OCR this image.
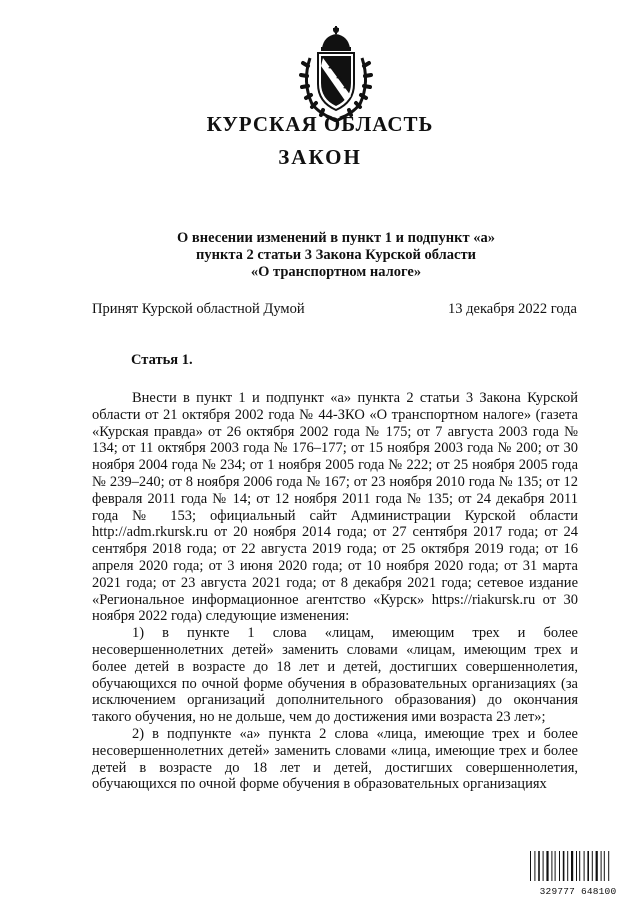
КУРСКАЯ ОБЛАСТЬ
ЗАКОН
О внесении изменений в пункт 1 и подпункт «а»
пункта 2 статьи 3 Закона Курской области
«О транспортном налоге»
Принят Курской областной Думой	13 декабря 2022 года
Статья 1.

Внести в пункт 1 и подпункт «а» пункта 2 статьи 3 Закона Курской области от 21 октября 2002 года № 44-ЗКО «О транспортном налоге» (газета «Курская правда» от 26 октября 2002 года № 175; от 7 августа 2003 года № 134; от 11 октября 2003 года № 176–177; от 15 ноября 2003 года № 200; от 30 ноября 2004 года № 234; от 1 ноября 2005 года № 222; от 25 ноября 2005 года № 239–240; от 8 ноября 2006 года № 167; от 23 ноября 2010 года № 135; от 12 февраля 2011 года № 14; от 12 ноября 2011 года № 135; от 24 декабря 2011 года № 153; официальный сайт Администрации Курской области http://adm.rkursk.ru от 20 ноября 2014 года; от 27 сентября 2017 года; от 24 сентября 2018 года; от 22 августа 2019 года; от 25 октября 2019 года; от 16 апреля 2020 года; от 3 июня 2020 года; от 10 ноября 2020 года; от 31 марта 2021 года; от 23 августа 2021 года; от 8 декабря 2021 года; сетевое издание «Региональное информационное агентство «Курск» https://riakursk.ru от 30 ноября 2022 года) следующие изменения:

1) в пункте 1 слова «лицам, имеющим трех и более несовершеннолетних детей» заменить словами «лицам, имеющим трех и более детей в возрасте до 18 лет и детей, достигших совершеннолетия, обучающихся по очной форме обучения в образовательных организациях (за исключением организаций дополнительного образования) до окончания такого обучения, но не дольше, чем до достижения ими возраста 23 лет»;

2) в подпункте «а» пункта 2 слова «лица, имеющие трех и более несовершеннолетних детей» заменить словами «лица, имеющие трех и более детей в возрасте до 18 лет и детей, достигших совершеннолетия, обучающихся по очной форме обучения в образовательных организациях

329777 648100
